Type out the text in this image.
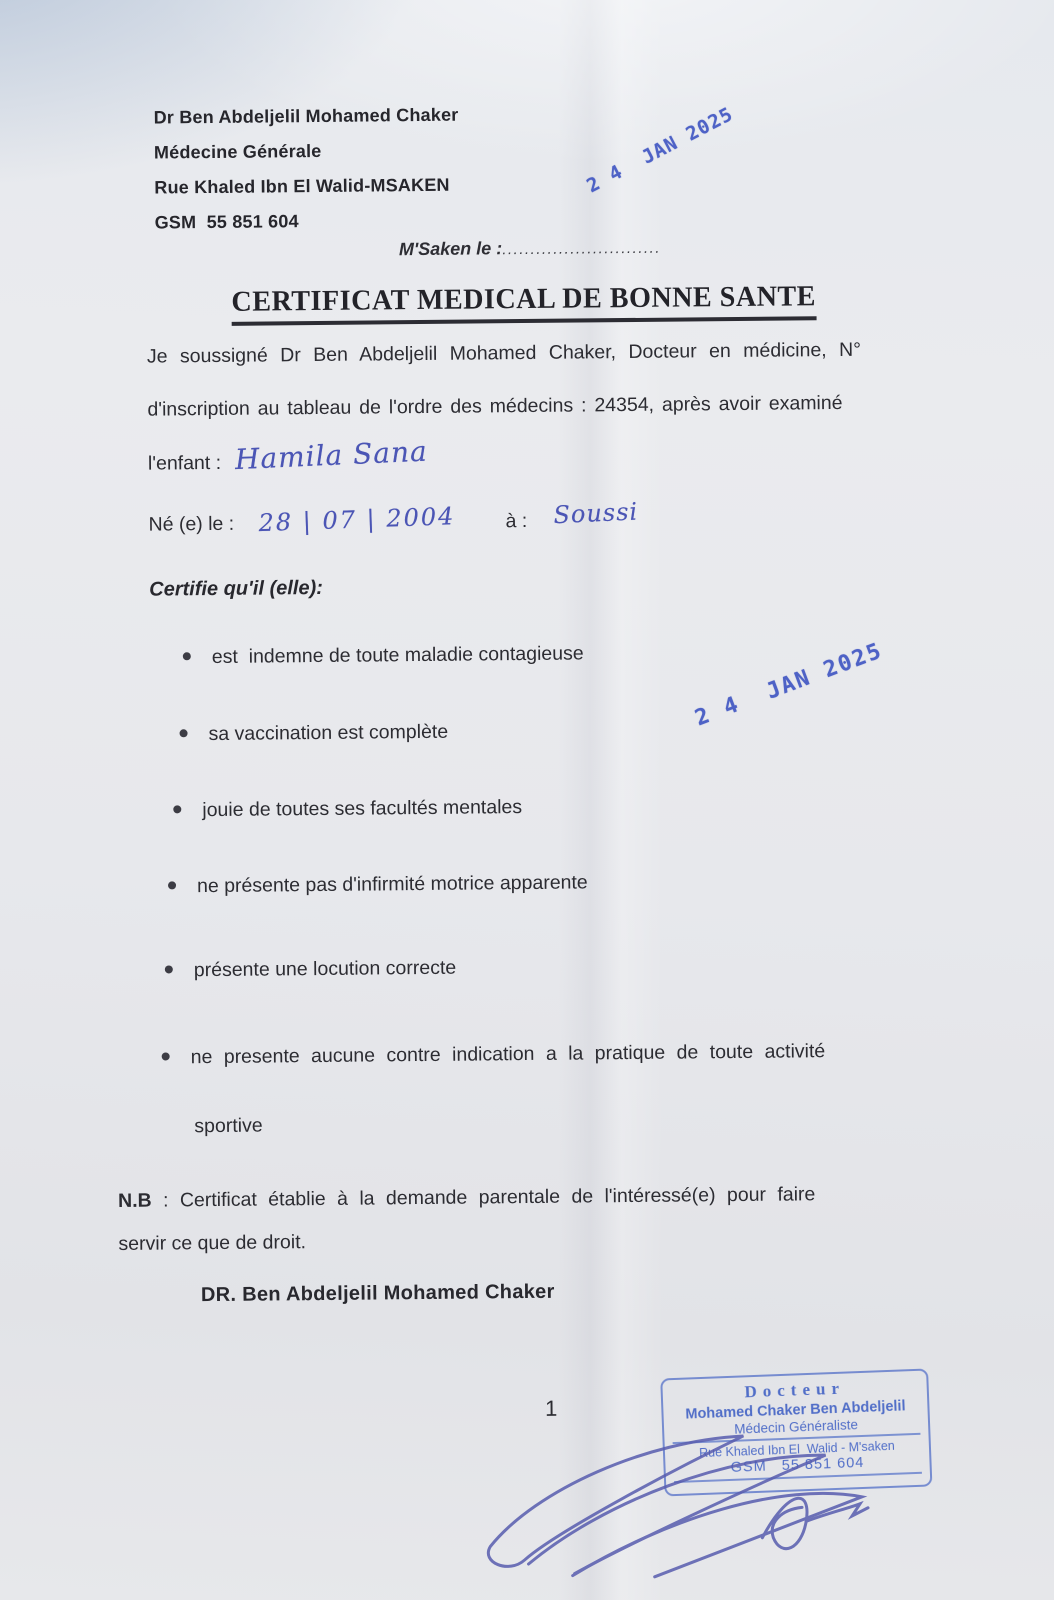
Dr Ben Abdeljelil Mohamed Chaker
Médecine Générale
Rue Khaled Ibn El Walid-MSAKEN
GSM  55 851 604
M'Saken le :............................
2 4  JAN 2025
CERTIFICAT MEDICAL DE BONNE SANTE
Je soussigné Dr Ben Abdeljelil Mohamed Chaker, Docteur en médicine, N°
d'inscription au tableau de l'ordre des médecins : 24354, après avoir examiné
l'enfant : Hamila Sana
Né (e) le : 28 | 07 | 2004	à : Soussi
Certifie qu'il (elle):
est  indemne de toute maladie contagieuse
sa vaccination est complète
jouie de toutes ses facultés mentales
ne présente pas d'infirmité motrice apparente
présente une locution correcte
ne presente aucune contre indication a la pratique de toute activité
sportive
2 4  JAN 2025
N.B : Certificat établie à la demande parentale de l'intéressé(e) pour faire
servir ce que de droit.
DR. Ben Abdeljelil Mohamed Chaker
1
Docteur
Mohamed Chaker Ben Abdeljelil
Médecin Généraliste
Rue Khaled Ibn El  Walid - M'saken
GSM   55 851 604
